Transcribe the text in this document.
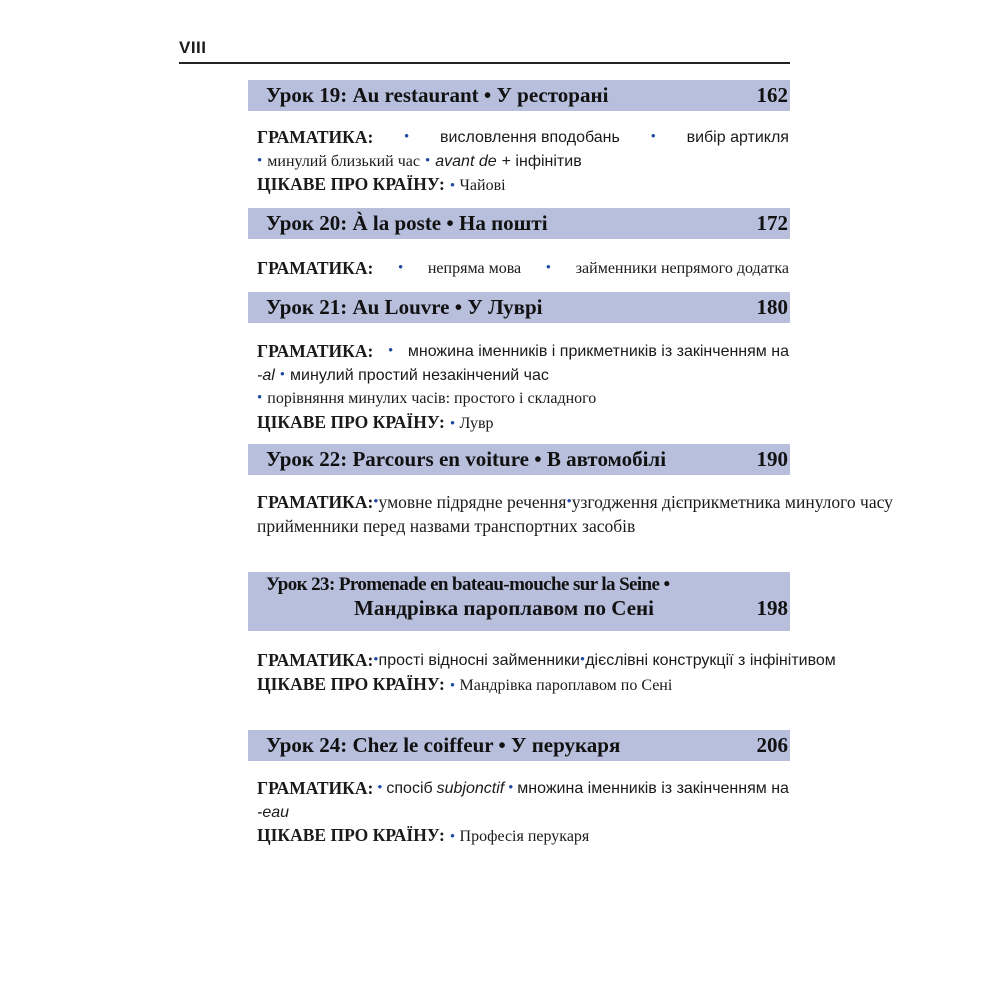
VIII
Урок 19: Au restaurant • У ресторані	162
ГРАМАТИКА: • висловлення вподобань • вибір артикля
• минулий близький час • avant de + інфінітив
ЦІКАВЕ ПРО КРАЇНУ: • Чайові
Урок 20: À la poste • На пошті	172
ГРАМАТИКА: • непряма мова • займенники непрямого додатка
Урок 21: Au Louvre • У Луврі	180
ГРАМАТИКА: • множина іменників і прикметників із закінченням на
-al • минулий простий незакінчений час
• порівняння минулих часів: простого і складного
ЦІКАВЕ ПРО КРАЇНУ: • Лувр
Урок 22: Parcours en voiture • В автомобілі	190
ГРАМАТИКА: • умовне підрядне речення • узгодження дієприкметника минулого часу
прийменники перед назвами транспортних засобів
Урок 23: Promenade en bateau-mouche sur la Seine •
Мандрівка пароплавом по Сені	198
ГРАМАТИКА: • прості відносні займенники • дієслівні конструкції з інфінітивом
ЦІКАВЕ ПРО КРАЇНУ: • Мандрівка пароплавом по Сені
Урок 24: Chez le coiffeur • У перукаря	206
ГРАМАТИКА: • спосіб subjonctif • множина іменників із закінченням на
-eau
ЦІКАВЕ ПРО КРАЇНУ: • Професія перукаря
